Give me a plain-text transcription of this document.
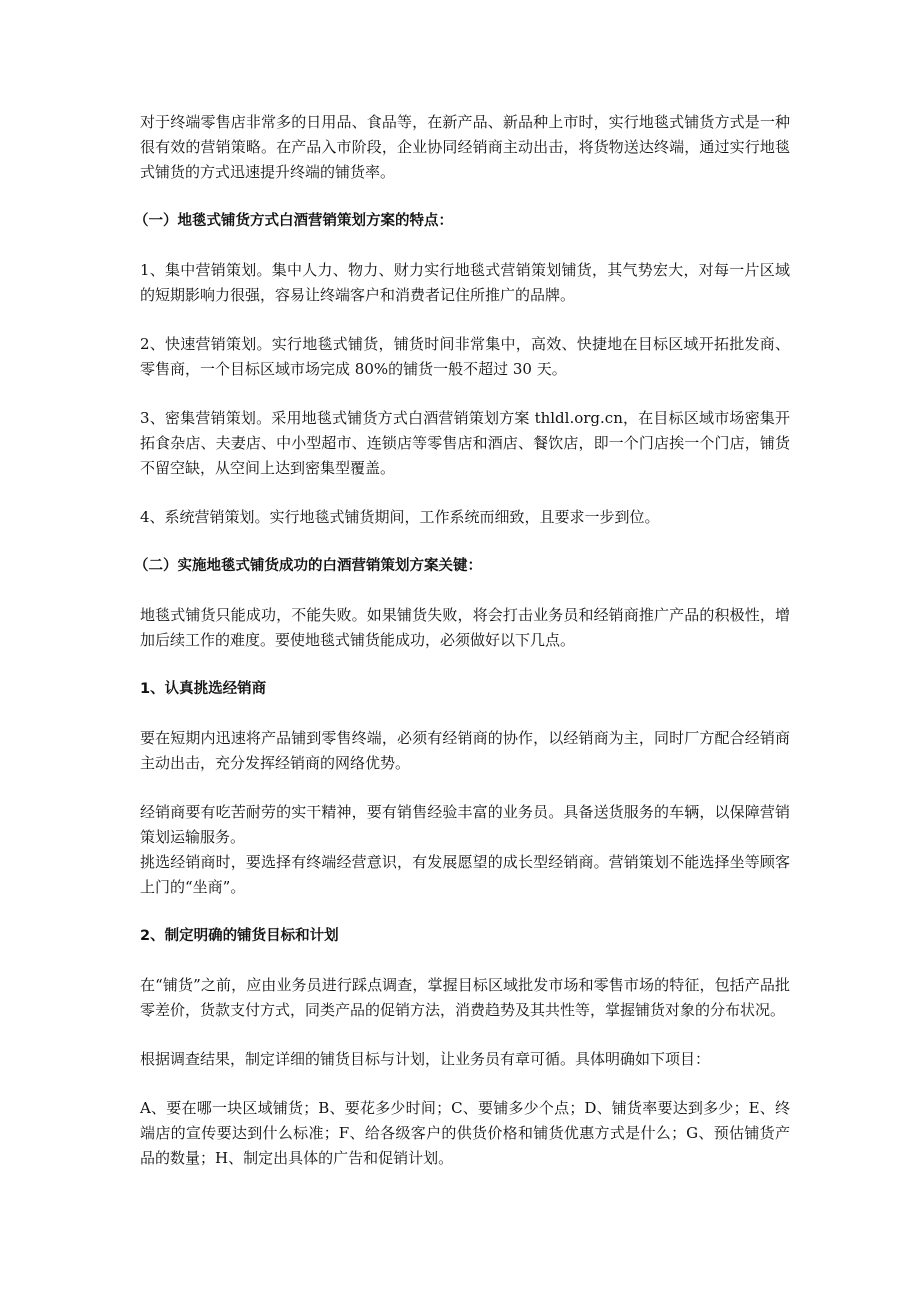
对于终端零售店非常多的日用品、食品等，在新产品、新品种上市时，实行地毯式铺货方式是一种很有效的营销策略。在产品入市阶段，企业协同经销商主动出击，将货物送达终端，通过实行地毯式铺货的方式迅速提升终端的铺货率。

（一）地毯式铺货方式白酒营销策划方案的特点：

1、集中营销策划。集中人力、物力、财力实行地毯式营销策划铺货，其气势宏大，对每一片区域的短期影响力很强，容易让终端客户和消费者记住所推广的品牌。

2、快速营销策划。实行地毯式铺货，铺货时间非常集中，高效、快捷地在目标区域开拓批发商、零售商，一个目标区域市场完成 80%的铺货一般不超过 30 天。

3、密集营销策划。采用地毯式铺货方式白酒营销策划方案 thldl.org.cn，在目标区域市场密集开拓食杂店、夫妻店、中小型超市、连锁店等零售店和酒店、餐饮店，即一个门店挨一个门店，铺货不留空缺，从空间上达到密集型覆盖。

4、系统营销策划。实行地毯式铺货期间，工作系统而细致，且要求一步到位。

（二）实施地毯式铺货成功的白酒营销策划方案关键：

地毯式铺货只能成功，不能失败。如果铺货失败，将会打击业务员和经销商推广产品的积极性，增加后续工作的难度。要使地毯式铺货能成功，必须做好以下几点。

1、认真挑选经销商

要在短期内迅速将产品铺到零售终端，必须有经销商的协作，以经销商为主，同时厂方配合经销商主动出击，充分发挥经销商的网络优势。

经销商要有吃苦耐劳的实干精神，要有销售经验丰富的业务员。具备送货服务的车辆，以保障营销策划运输服务。

挑选经销商时，要选择有终端经营意识，有发展愿望的成长型经销商。营销策划不能选择坐等顾客上门的“坐商”。

2、制定明确的铺货目标和计划

在“铺货”之前，应由业务员进行踩点调查，掌握目标区域批发市场和零售市场的特征，包括产品批零差价，货款支付方式，同类产品的促销方法，消费趋势及其共性等，掌握铺货对象的分布状况。

根据调查结果，制定详细的铺货目标与计划，让业务员有章可循。具体明确如下项目：

A、要在哪一块区域铺货；B、要花多少时间；C、要铺多少个点；D、铺货率要达到多少；E、终端店的宣传要达到什么标准；F、给各级客户的供货价格和铺货优惠方式是什么；G、预估铺货产品的数量；H、制定出具体的广告和促销计划。
